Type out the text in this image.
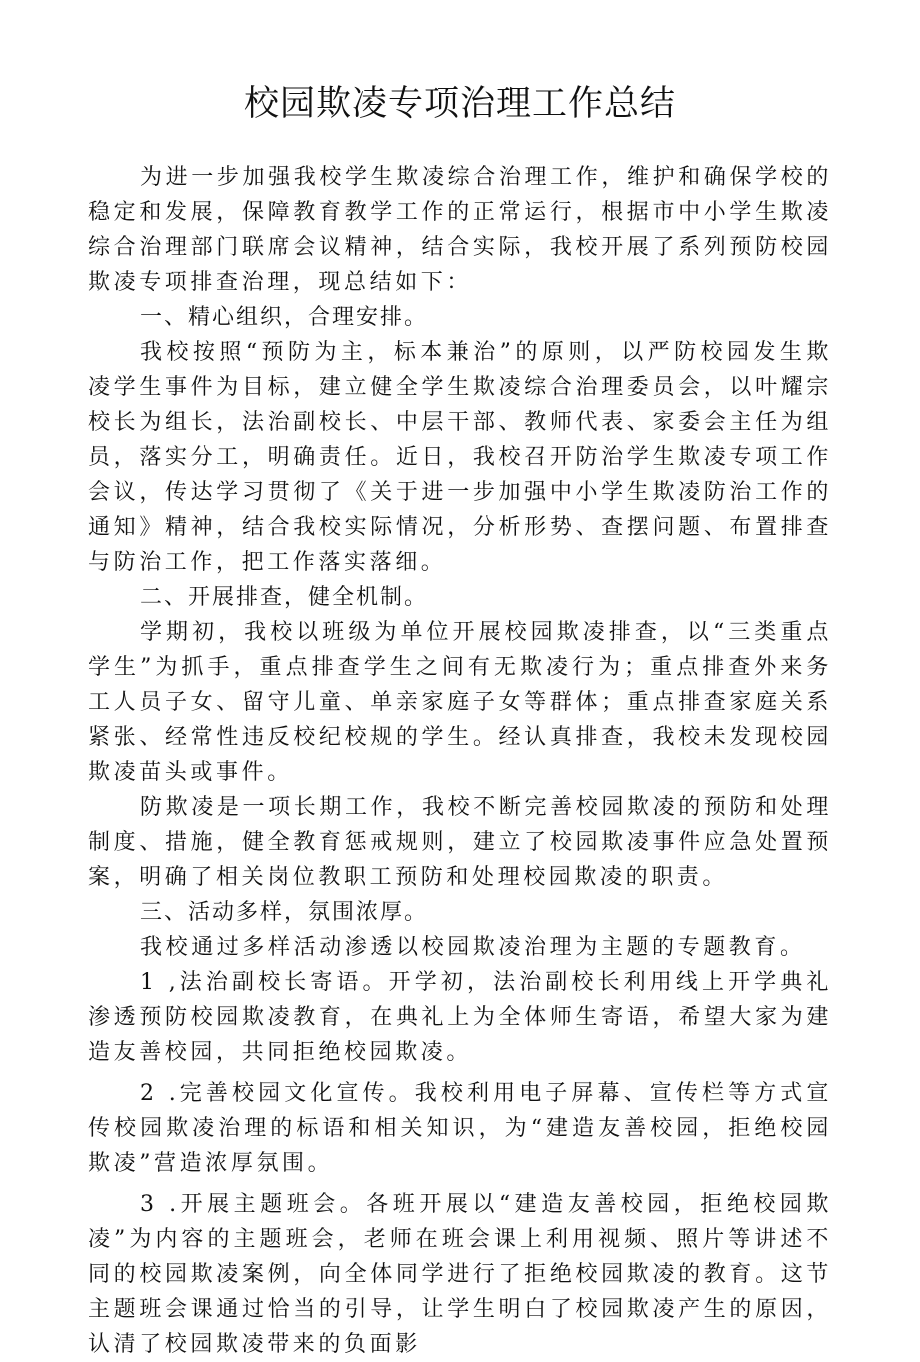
校园欺凌专项治理工作总结

为进一步加强我校学生欺凌综合治理工作，维护和确保学校的稳定和发展，保障教育教学工作的正常运行，根据市中小学生欺凌综合治理部门联席会议精神，结合实际，我校开展了系列预防校园欺凌专项排查治理，现总结如下：

一、精心组织，合理安排。

我校按照“预防为主，标本兼治”的原则，以严防校园发生欺凌学生事件为目标，建立健全学生欺凌综合治理委员会，以叶耀宗校长为组长，法治副校长、中层干部、教师代表、家委会主任为组员，落实分工，明确责任。近日，我校召开防治学生欺凌专项工作会议，传达学习贯彻了《关于进一步加强中小学生欺凌防治工作的通知》精神，结合我校实际情况，分析形势、查摆问题、布置排查与防治工作，把工作落实落细。

二、开展排查，健全机制。

学期初，我校以班级为单位开展校园欺凌排查，以“三类重点学生”为抓手，重点排查学生之间有无欺凌行为；重点排查外来务工人员子女、留守儿童、单亲家庭子女等群体；重点排查家庭关系紧张、经常性违反校纪校规的学生。经认真排查，我校未发现校园欺凌苗头或事件。

防欺凌是一项长期工作，我校不断完善校园欺凌的预防和处理制度、措施，健全教育惩戒规则，建立了校园欺凌事件应急处置预案，明确了相关岗位教职工预防和处理校园欺凌的职责。

三、活动多样，氛围浓厚。

我校通过多样活动渗透以校园欺凌治理为主题的专题教育。

1 ,法治副校长寄语。开学初，法治副校长利用线上开学典礼渗透预防校园欺凌教育，在典礼上为全体师生寄语，希望大家为建造友善校园，共同拒绝校园欺凌。

2 .完善校园文化宣传。我校利用电子屏幕、宣传栏等方式宣传校园欺凌治理的标语和相关知识，为“建造友善校园，拒绝校园欺凌”营造浓厚氛围。

3 .开展主题班会。各班开展以“建造友善校园，拒绝校园欺凌”为内容的主题班会，老师在班会课上利用视频、照片等讲述不同的校园欺凌案例，向全体同学进行了拒绝校园欺凌的教育。这节主题班会课通过恰当的引导，让学生明白了校园欺凌产生的原因，认清了校园欺凌带来的负面影
